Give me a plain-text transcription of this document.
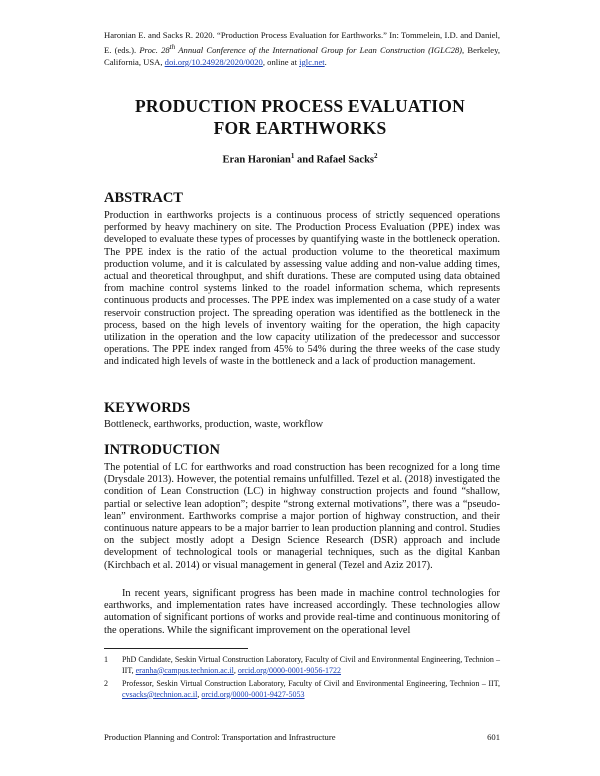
Haronian E. and Sacks R. 2020. “Production Process Evaluation for Earthworks.” In: Tommelein, I.D. and Daniel, E. (eds.). Proc. 28th Annual Conference of the International Group for Lean Construction (IGLC28), Berkeley, California, USA, doi.org/10.24928/2020/0020, online at iglc.net.
PRODUCTION PROCESS EVALUATION
FOR EARTHWORKS
Eran Haronian$^1$ and Rafael Sacks$^2$
ABSTRACT

Production in earthworks projects is a continuous process of strictly sequenced operations performed by heavy machinery on site. The Production Process Evaluation (PPE) index was developed to evaluate these types of processes by quantifying waste in the bottleneck operation. The PPE index is the ratio of the actual production volume to the theoretical maximum production volume, and it is calculated by assessing value adding and non-value adding times, actual and theoretical throughput, and shift durations. These are computed using data obtained from machine control systems linked to the roadel information schema, which represents continuous products and processes. The PPE index was implemented on a case study of a water reservoir construction project. The spreading operation was identified as the bottleneck in the process, based on the high levels of inventory waiting for the operation, the high capacity utilization in the operation and the low capacity utilization of the predecessor and successor operations. The PPE index ranged from 45% to 54% during the three weeks of the case study and indicated high levels of waste in the bottleneck and a lack of production management.

KEYWORDS

Bottleneck, earthworks, production, waste, workflow

INTRODUCTION

The potential of LC for earthworks and road construction has been recognized for a long time (Drysdale 2013). However, the potential remains unfulfilled. Tezel et al. (2018) investigated the condition of Lean Construction (LC) in highway construction projects and found “shallow, partial or selective lean adoption”; despite “strong external motivations”, there was a “pseudo-lean” environment. Earthworks comprise a major portion of highway construction, and their continuous nature appears to be a major barrier to lean production planning and control. Studies on the subject mostly adopt a Design Science Research (DSR) approach and include development of technological tools or managerial techniques, such as the digital Kanban (Kirchbach et al. 2014) or visual management in general (Tezel and Aziz 2017).

In recent years, significant progress has been made in machine control technologies for earthworks, and implementation rates have increased accordingly. These technologies allow automation of significant portions of works and provide real-time and continuous monitoring of the operations. While the significant improvement on the operational level

1 PhD Candidate, Seskin Virtual Construction Laboratory, Faculty of Civil and Environmental Engineering, Technion – IIT, eranha@campus.technion.ac.il, orcid.org/0000-0001-9056-1722
2 Professor, Seskin Virtual Construction Laboratory, Faculty of Civil and Environmental Engineering, Technion – IIT, cvsacks@technion.ac.il, orcid.org/0000-0001-9427-5053
Production Planning and Control: Transportation and Infrastructure	601
